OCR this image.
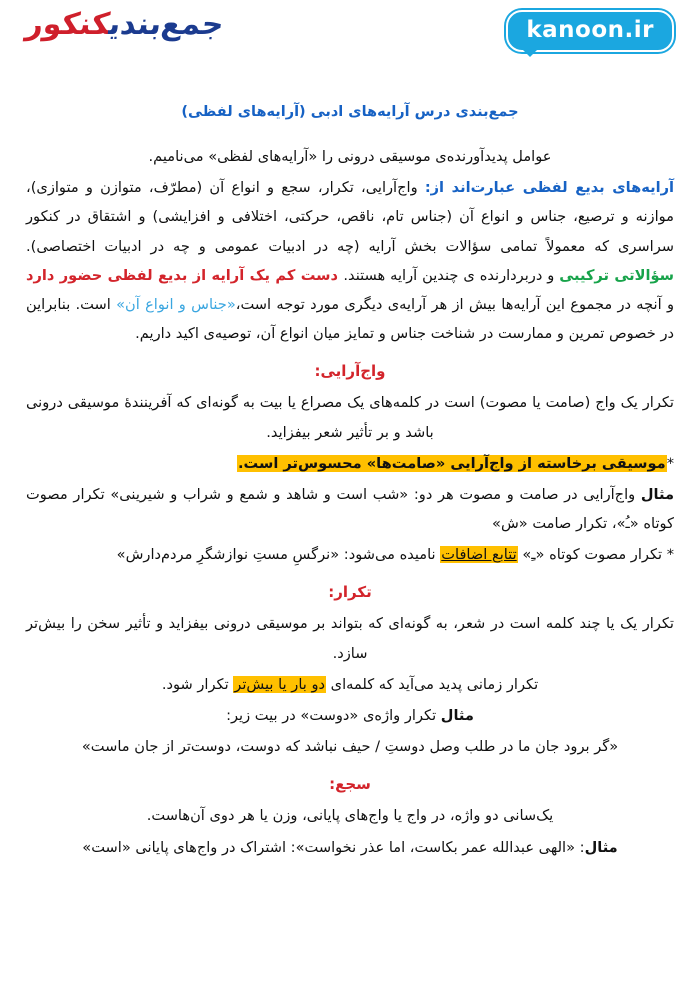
kanoon.ir
جمع‌بندیکنکور
جمع‌بندی درس آرایه‌های ادبی (آرایه‌های لفظی)

عوامل پدیدآورنده‌ی موسیقی درونی را «آرایه‌های لفظی» می‌نامیم.

آرایه‌های بدیع لفظی عبارت‌اند از: واج‌آرایی، تکرار، سجع و انواع آن (مطرّف، متوازن و متوازی)، موازنه و ترصیع، جناس و انواع آن (جناس تام، ناقص، حرکتی، اختلافی و افزایشی) و اشتقاق در کنکور سراسری که معمولاً تمامی سؤالات بخش آرایه (چه در ادبیات عمومی و چه در ادبیات اختصاصی). سؤالاتی ترکیبی و دربردارنده ی چندین آرایه هستند. دست کم یک آرایه از بدیع لفظی حضور دارد و آنچه در مجموع این آرایه‌ها بیش از هر آرایه‌ی دیگری مورد توجه است،«جناس و انواع آن» است. بنابراین در خصوص تمرین و ممارست در شناخت جناس و تمایز میان انواع آن، توصیه‌ی اکید داریم.

واج‌آرایی:

تکرار یک واج (صامت یا مصوت) است در کلمه‌های یک مصراع یا بیت به گونه‌ای که آفرینندهٔ موسیقی درونی باشد و بر تأثیر شعر بیفزاید.

*موسیقی برخاسته از واج‌آرایی «صامت‌ها» محسوس‌تر است.

مثال واج‌آرایی در صامت و مصوت هر دو: «شب است و شاهد و شمع و شراب و شیرینی» تکرار مصوت کوتاه «ـُ»، تکرار صامت «ش»

* تکرار مصوت کوتاه «ـِ» تتابع اضافات نامیده می‌شود: «نرگسِ مستِ نوازشگرِ مردم‌دارش»

تکرار:

تکرار یک یا چند کلمه است در شعر، به گونه‌ای که بتواند بر موسیقی درونی بیفزاید و تأثیر سخن را بیش‌تر سازد.

تکرار زمانی پدید می‌آید که کلمه‌ای دو بار یا بیش‌تر تکرار شود.

مثال تکرار واژه‌ی «دوست» در بیت زیر:

«گر برود جان ما در طلب وصل دوستِ / حیف نباشد که دوست، دوست‌تر از جان ماست»

سجع:

یک‌سانی دو واژه، در واج یا واج‌های پایانی، وزن یا هر دوی آن‌هاست.

مثال: «الهی عبدالله عمر بکاست، اما عذر نخواست»: اشتراک در واج‌های پایانی «است»
